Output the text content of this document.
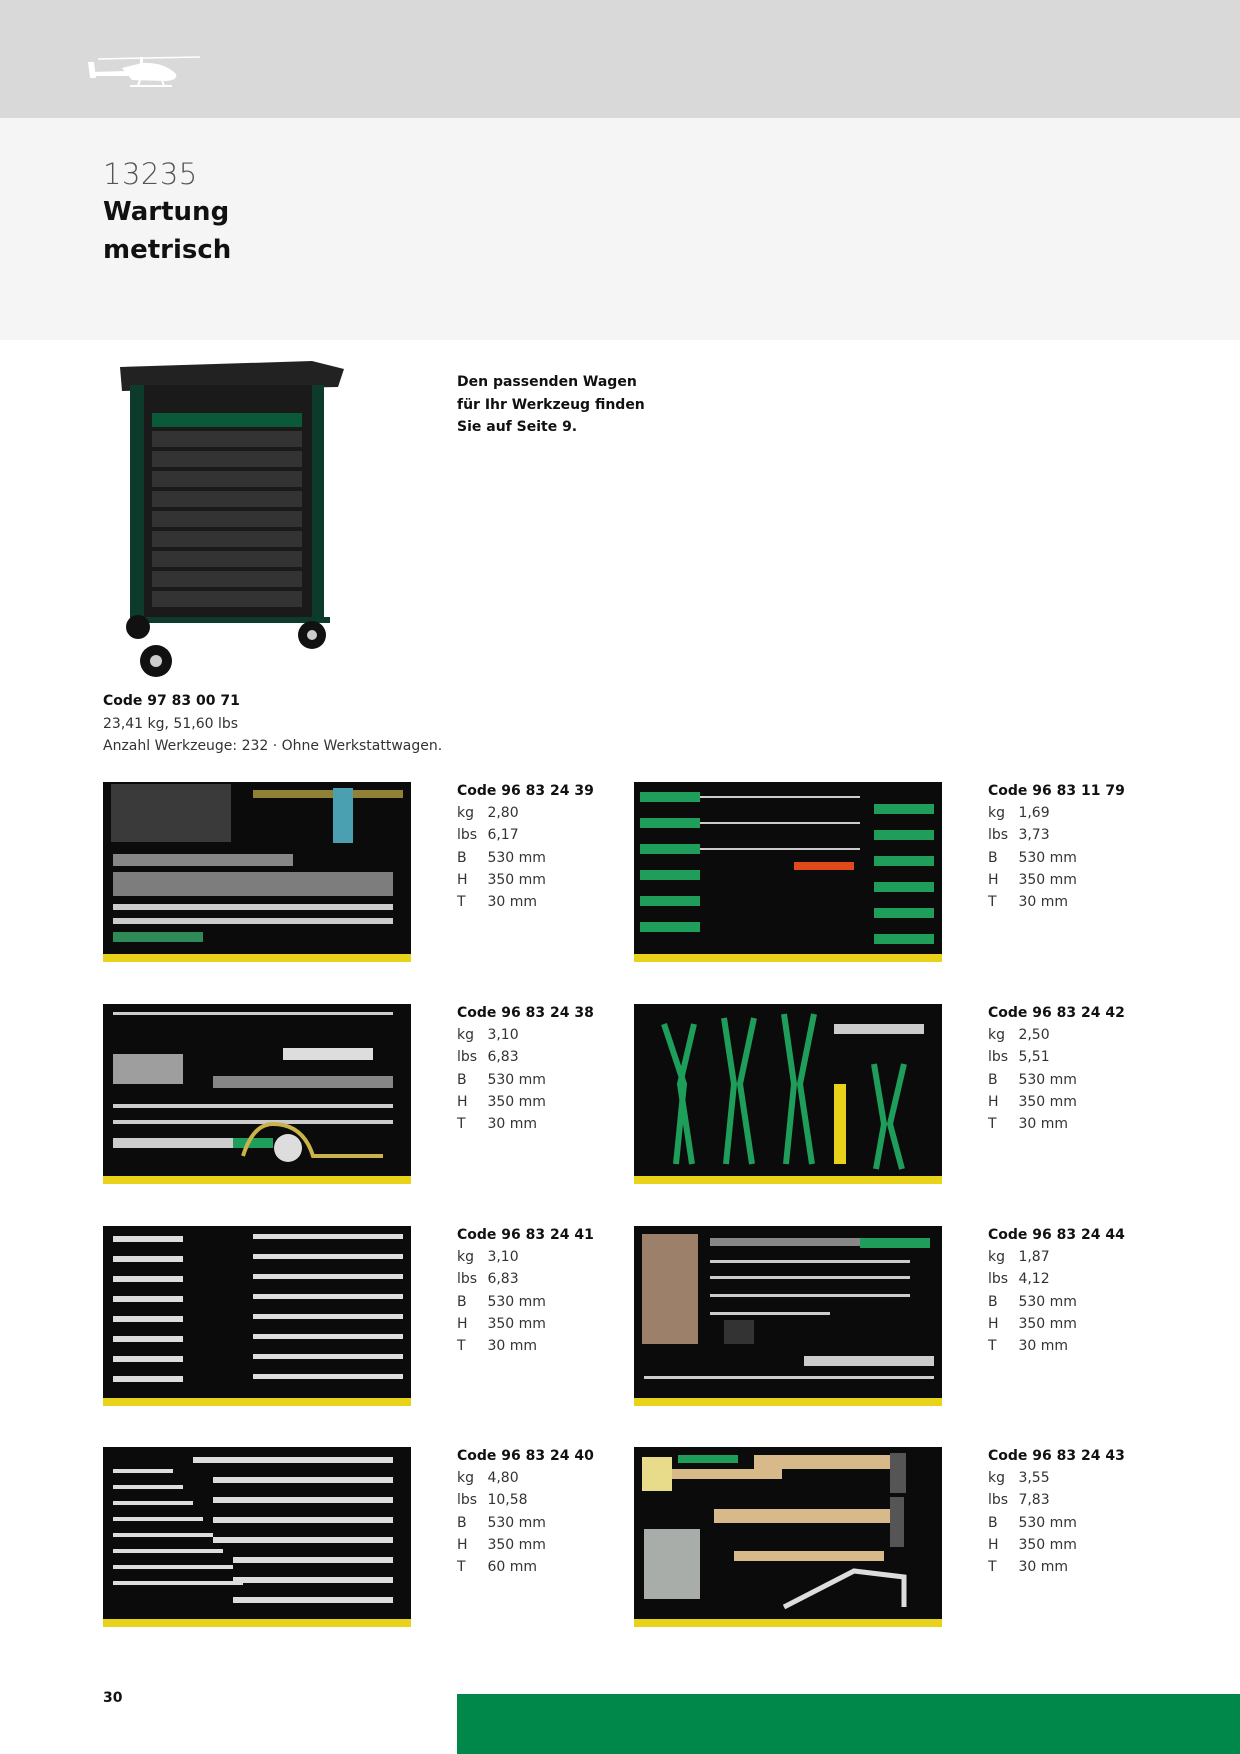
13235
Wartung
metrisch
Den passenden Wagen
für Ihr Werkzeug finden
Sie auf Seite 9.
Code 97 83 00 71
23,41 kg, 51,60 lbs
Anzahl Werkzeuge: 232 · Ohne Werkstattwagen.
Code 96 83 24 39
kg 2,80
lbs 6,17
B 530 mm
H 350 mm
T 30 mm
Code 96 83 11 79
kg 1,69
lbs 3,73
B 530 mm
H 350 mm
T 30 mm
Code 96 83 24 38
kg 3,10
lbs 6,83
B 530 mm
H 350 mm
T 30 mm
Code 96 83 24 42
kg 2,50
lbs 5,51
B 530 mm
H 350 mm
T 30 mm
Code 96 83 24 41
kg 3,10
lbs 6,83
B 530 mm
H 350 mm
T 30 mm
Code 96 83 24 44
kg 1,87
lbs 4,12
B 530 mm
H 350 mm
T 30 mm
Code 96 83 24 40
kg 4,80
lbs 10,58
B 530 mm
H 350 mm
T 60 mm
Code 96 83 24 43
kg 3,55
lbs 7,83
B 530 mm
H 350 mm
T 30 mm
30
